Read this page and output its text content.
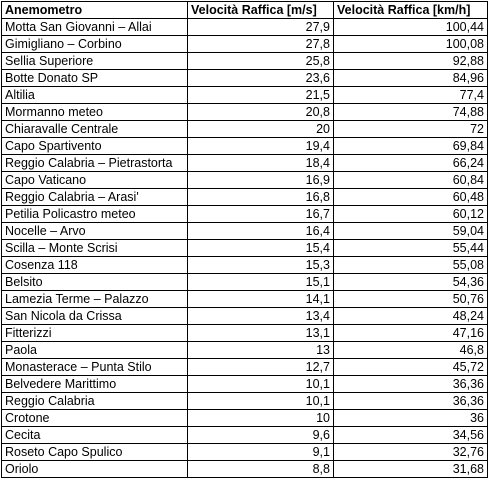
Anemometro	Velocità Raffica [m/s]	Velocità Raffica [km/h]
Motta San Giovanni – Allai	27,9	100,44
Gimigliano – Corbino	27,8	100,08
Sellia Superiore	25,8	92,88
Botte Donato SP	23,6	84,96
Altilia	21,5	77,4
Mormanno meteo	20,8	74,88
Chiaravalle Centrale	20	72
Capo Spartivento	19,4	69,84
Reggio Calabria – Pietrastorta	18,4	66,24
Capo Vaticano	16,9	60,84
Reggio Calabria – Arasi'	16,8	60,48
Petilia Policastro meteo	16,7	60,12
Nocelle – Arvo	16,4	59,04
Scilla – Monte Scrisi	15,4	55,44
Cosenza 118	15,3	55,08
Belsito	15,1	54,36
Lamezia Terme – Palazzo	14,1	50,76
San Nicola da Crissa	13,4	48,24
Fitterizzi	13,1	47,16
Paola	13	46,8
Monasterace – Punta Stilo	12,7	45,72
Belvedere Marittimo	10,1	36,36
Reggio Calabria	10,1	36,36
Crotone	10	36
Cecita	9,6	34,56
Roseto Capo Spulico	9,1	32,76
Oriolo	8,8	31,68
